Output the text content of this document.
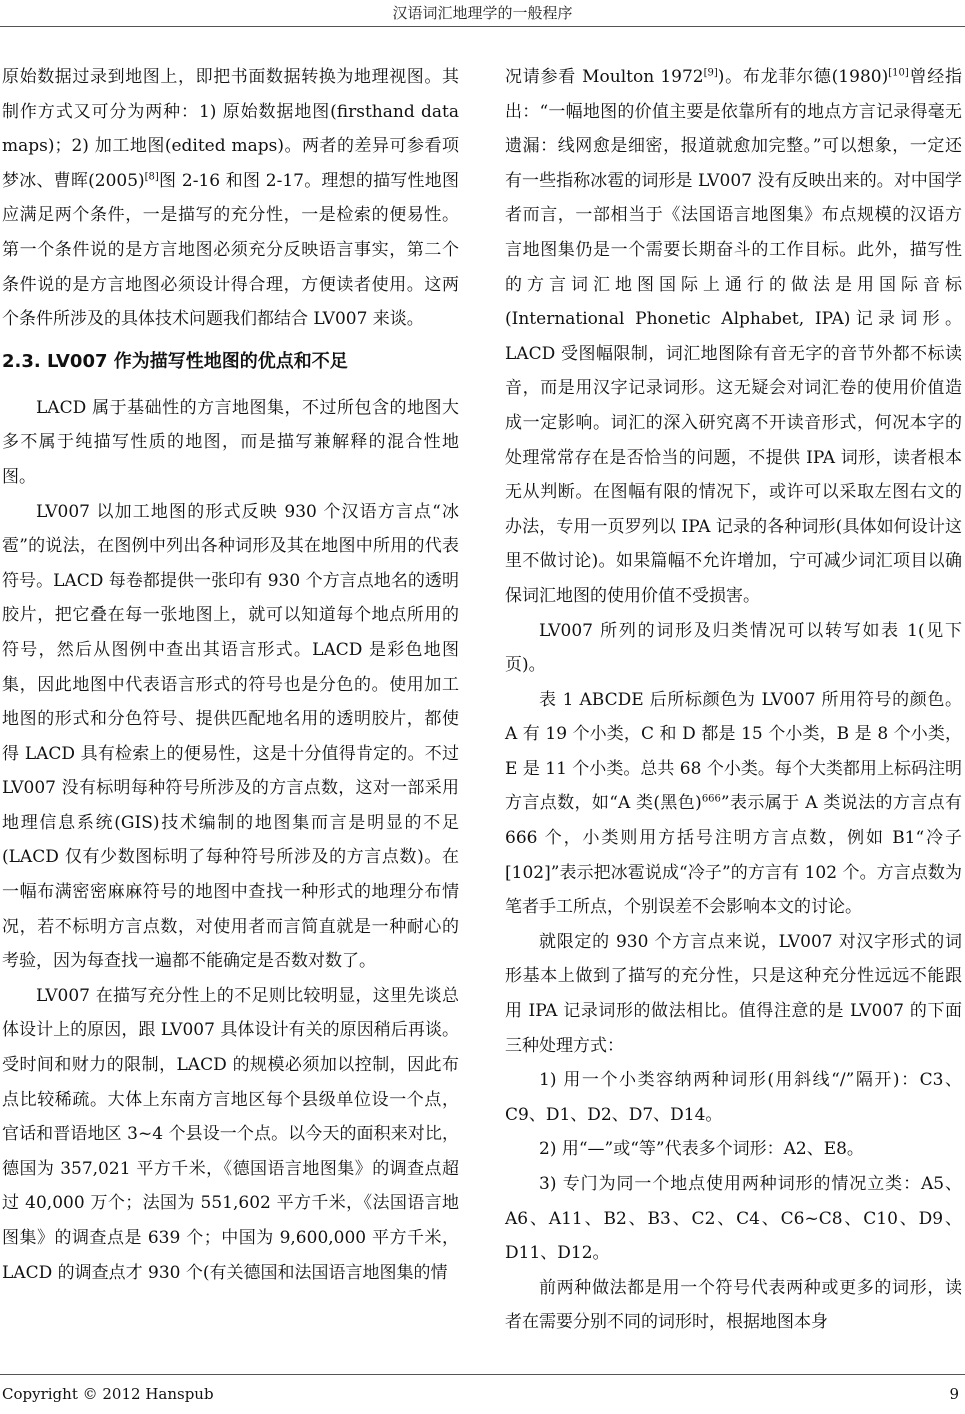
汉语词汇地理学的一般程序

原始数据过录到地图上，即把书面数据转换为地理视图。其制作方式又可分为两种：1) 原始数据地图(firsthand data maps)；2) 加工地图(edited maps)。两者的差异可参看项梦冰、曹晖(2005)[8]图 2-16 和图 2-17。理想的描写性地图应满足两个条件，一是描写的充分性，一是检索的便易性。第一个条件说的是方言地图必须充分反映语言事实，第二个条件说的是方言地图必须设计得合理，方便读者使用。这两个条件所涉及的具体技术问题我们都结合 LV007 来谈。

2.3. LV007 作为描写性地图的优点和不足

LACD 属于基础性的方言地图集，不过所包含的地图大多不属于纯描写性质的地图，而是描写兼解释的混合性地图。

LV007 以加工地图的形式反映 930 个汉语方言点“冰雹”的说法，在图例中列出各种词形及其在地图中所用的代表符号。LACD 每卷都提供一张印有 930 个方言点地名的透明胶片，把它叠在每一张地图上，就可以知道每个地点所用的符号，然后从图例中查出其语言形式。LACD 是彩色地图集，因此地图中代表语言形式的符号也是分色的。使用加工地图的形式和分色符号、提供匹配地名用的透明胶片，都使得 LACD 具有检索上的便易性，这是十分值得肯定的。不过 LV007 没有标明每种符号所涉及的方言点数，这对一部采用地理信息系统(GIS)技术编制的地图集而言是明显的不足(LACD 仅有少数图标明了每种符号所涉及的方言点数)。在一幅布满密密麻麻符号的地图中查找一种形式的地理分布情况，若不标明方言点数，对使用者而言简直就是一种耐心的考验，因为每查找一遍都不能确定是否数对数了。

LV007 在描写充分性上的不足则比较明显，这里先谈总体设计上的原因，跟 LV007 具体设计有关的原因稍后再谈。受时间和财力的限制，LACD 的规模必须加以控制，因此布点比较稀疏。大体上东南方言地区每个县级单位设一个点，官话和晋语地区 3~4 个县设一个点。以今天的面积来对比，德国为 357,021 平方千米，《德国语言地图集》的调查点超过 40,000 万个；法国为 551,602 平方千米，《法国语言地图集》的调查点是 639 个；中国为 9,600,000 平方千米，LACD 的调查点才 930 个(有关德国和法国语言地图集的情

况请参看 Moulton 1972[9])。布龙菲尔德(1980)[10]曾经指出：“一幅地图的价值主要是依靠所有的地点方言记录得毫无遗漏：线网愈是细密，报道就愈加完整。”可以想象，一定还有一些指称冰雹的词形是 LV007 没有反映出来的。对中国学者而言，一部相当于《法国语言地图集》布点规模的汉语方言地图集仍是一个需要长期奋斗的工作目标。此外，描写性的方言词汇地图国际上通行的做法是用国际音标(International Phonetic Alphabet, IPA)记录词形。LACD 受图幅限制，词汇地图除有音无字的音节外都不标读音，而是用汉字记录词形。这无疑会对词汇卷的使用价值造成一定影响。词汇的深入研究离不开读音形式，何况本字的处理常常存在是否恰当的问题，不提供 IPA 词形，读者根本无从判断。在图幅有限的情况下，或许可以采取左图右文的办法，专用一页罗列以 IPA 记录的各种词形(具体如何设计这里不做讨论)。如果篇幅不允许增加，宁可减少词汇项目以确保词汇地图的使用价值不受损害。

LV007 所列的词形及归类情况可以转写如表 1(见下页)。

表 1 ABCDE 后所标颜色为 LV007 所用符号的颜色。A 有 19 个小类，C 和 D 都是 15 个小类，B 是 8 个小类，E 是 11 个小类。总共 68 个小类。每个大类都用上标码注明方言点数，如“A 类(黑色)$^{666}$”表示属于 A 类说法的方言点有 666 个，小类则用方括号注明方言点数，例如 B1“冷子[102]”表示把冰雹说成“冷子”的方言有 102 个。方言点数为笔者手工所点，个别误差不会影响本文的讨论。

就限定的 930 个方言点来说，LV007 对汉字形式的词形基本上做到了描写的充分性，只是这种充分性远远不能跟用 IPA 记录词形的做法相比。值得注意的是 LV007 的下面三种处理方式：

1) 用一个小类容纳两种词形(用斜线“/”隔开)：C3、C9、D1、D2、D7、D14。

2) 用“—”或“等”代表多个词形：A2、E8。

3) 专门为同一个地点使用两种词形的情况立类：A5、A6、A11、B2、B3、C2、C4、C6~C8、C10、D9、D11、D12。

前两种做法都是用一个符号代表两种或更多的词形，读者在需要分别不同的词形时，根据地图本身

Copyright © 2012 Hanspub	9
